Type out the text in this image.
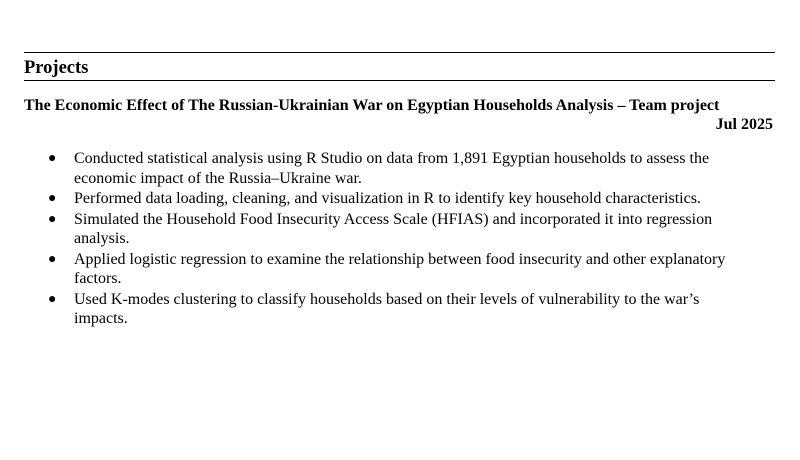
Projects
The Economic Effect of The Russian-Ukrainian War on Egyptian Households Analysis – Team project
Jul 2025
● Conducted statistical analysis using R Studio on data from 1,891 Egyptian households to assess the economic impact of the Russia–Ukraine war.
● Performed data loading, cleaning, and visualization in R to identify key household characteristics.
● Simulated the Household Food Insecurity Access Scale (HFIAS) and incorporated it into regression analysis.
● Applied logistic regression to examine the relationship between food insecurity and other explanatory factors.
● Used K-modes clustering to classify households based on their levels of vulnerability to the war’s impacts.
